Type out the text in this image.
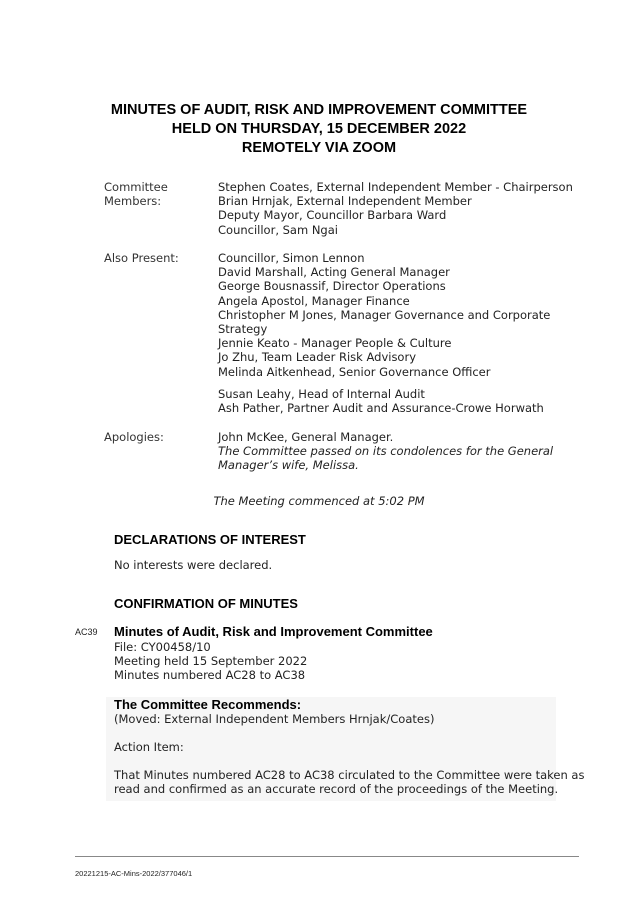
MINUTES OF AUDIT, RISK AND IMPROVEMENT COMMITTEE
HELD ON THURSDAY, 15 DECEMBER 2022
REMOTELY VIA ZOOM
Committee
Members:
Stephen Coates, External Independent Member - Chairperson
Brian Hrnjak, External Independent Member
Deputy Mayor, Councillor Barbara Ward
Councillor, Sam Ngai
Also Present:	Councillor, Simon Lennon
David Marshall, Acting General Manager
George Bousnassif, Director Operations
Angela Apostol, Manager Finance
Christopher M Jones, Manager Governance and Corporate
Strategy
Jennie Keato - Manager People & Culture
Jo Zhu, Team Leader Risk Advisory
Melinda Aitkenhead, Senior Governance Officer
Susan Leahy, Head of Internal Audit
Ash Pather, Partner Audit and Assurance-Crowe Horwath
Apologies:	John McKee, General Manager.
The Committee passed on its condolences for the General
Manager’s wife, Melissa.
The Meeting commenced at 5:02 PM
DECLARATIONS OF INTEREST
No interests were declared.
CONFIRMATION OF MINUTES
AC39 Minutes of Audit, Risk and Improvement Committee
File: CY00458/10
Meeting held 15 September 2022
Minutes numbered AC28 to AC38
The Committee Recommends:
(Moved: External Independent Members Hrnjak/Coates)
Action Item:
That Minutes numbered AC28 to AC38 circulated to the Committee were taken as
read and confirmed as an accurate record of the proceedings of the Meeting.
20221215-AC-Mins-2022/377046/1
